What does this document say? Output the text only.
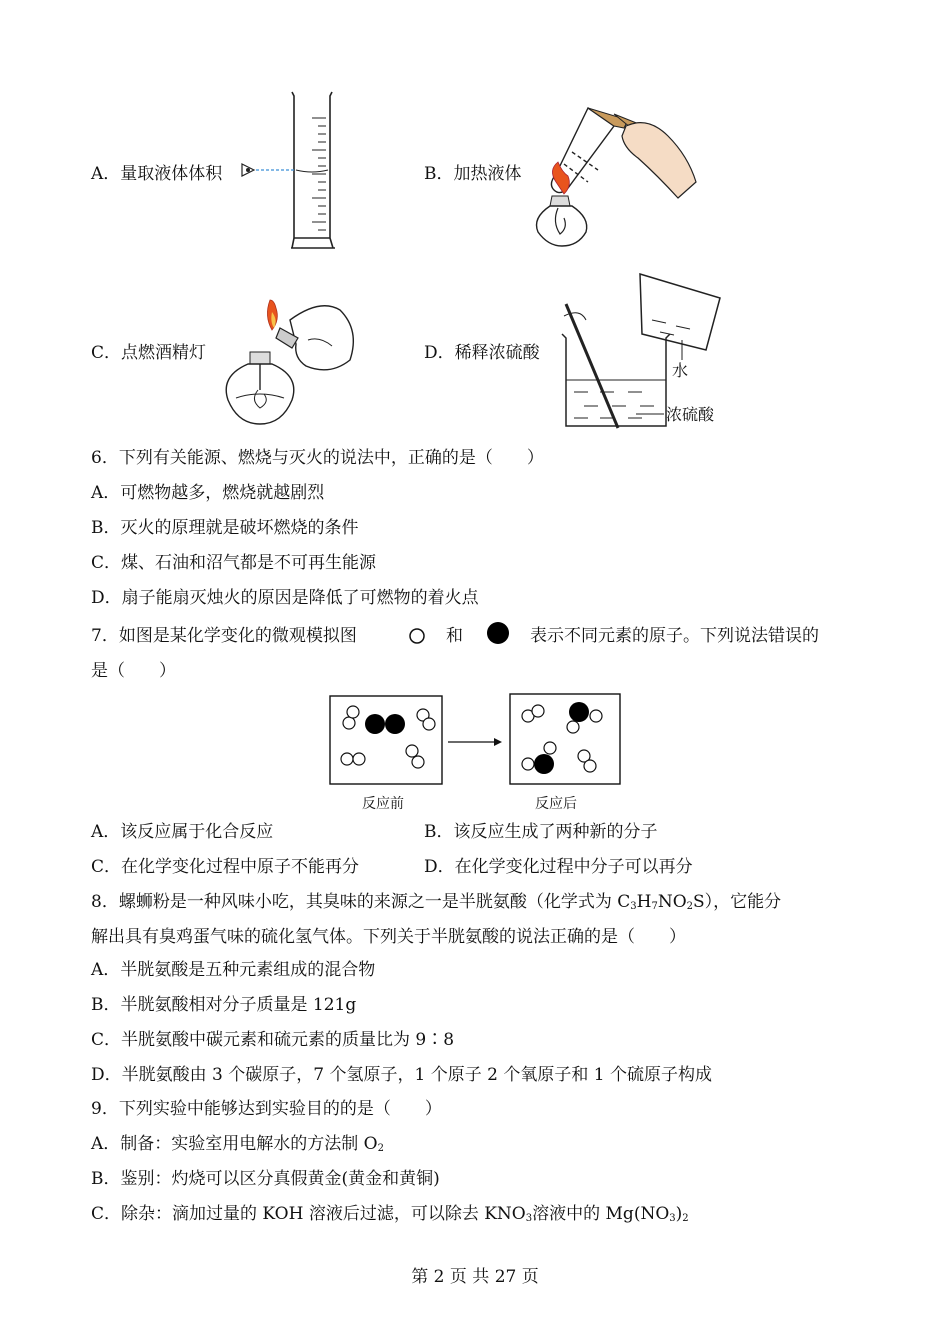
A．量取液体体积	B．加热液体
C．点燃酒精灯	D．稀释浓硫酸
水
浓硫酸
6．下列有关能源、燃烧与灭火的说法中，正确的是（　　）
A．可燃物越多，燃烧就越剧烈
B．灭火的原理就是破坏燃烧的条件
C．煤、石油和沼气都是不可再生能源
D．扇子能扇灭烛火的原因是降低了可燃物的着火点
7．如图是某化学变化的微观模拟图	和	表示不同元素的原子。下列说法错误的
是（　　）
反应前	反应后
A．该反应属于化合反应	B．该反应生成了两种新的分子
C．在化学变化过程中原子不能再分	D．在化学变化过程中分子可以再分
8．螺蛳粉是一种风味小吃，其臭味的来源之一是半胱氨酸（化学式为 $C_3H_7NO_2S$），它能分
解出具有臭鸡蛋气味的硫化氢气体。下列关于半胱氨酸的说法正确的是（　　）
A．半胱氨酸是五种元素组成的混合物
B．半胱氨酸相对分子质量是 121g
C．半胱氨酸中碳元素和硫元素的质量比为 9∶8
D．半胱氨酸由 3 个碳原子，7 个氢原子，1 个原子 2 个氧原子和 1 个硫原子构成
9．下列实验中能够达到实验目的的是（　　）
A．制备：实验室用电解水的方法制 $O_2$
B．鉴别：灼烧可以区分真假黄金(黄金和黄铜)
C．除杂：滴加过量的 KOH 溶液后过滤，可以除去 $KNO_3$溶液中的 $Mg(NO_3)_2$
第 2 页 共 27 页
